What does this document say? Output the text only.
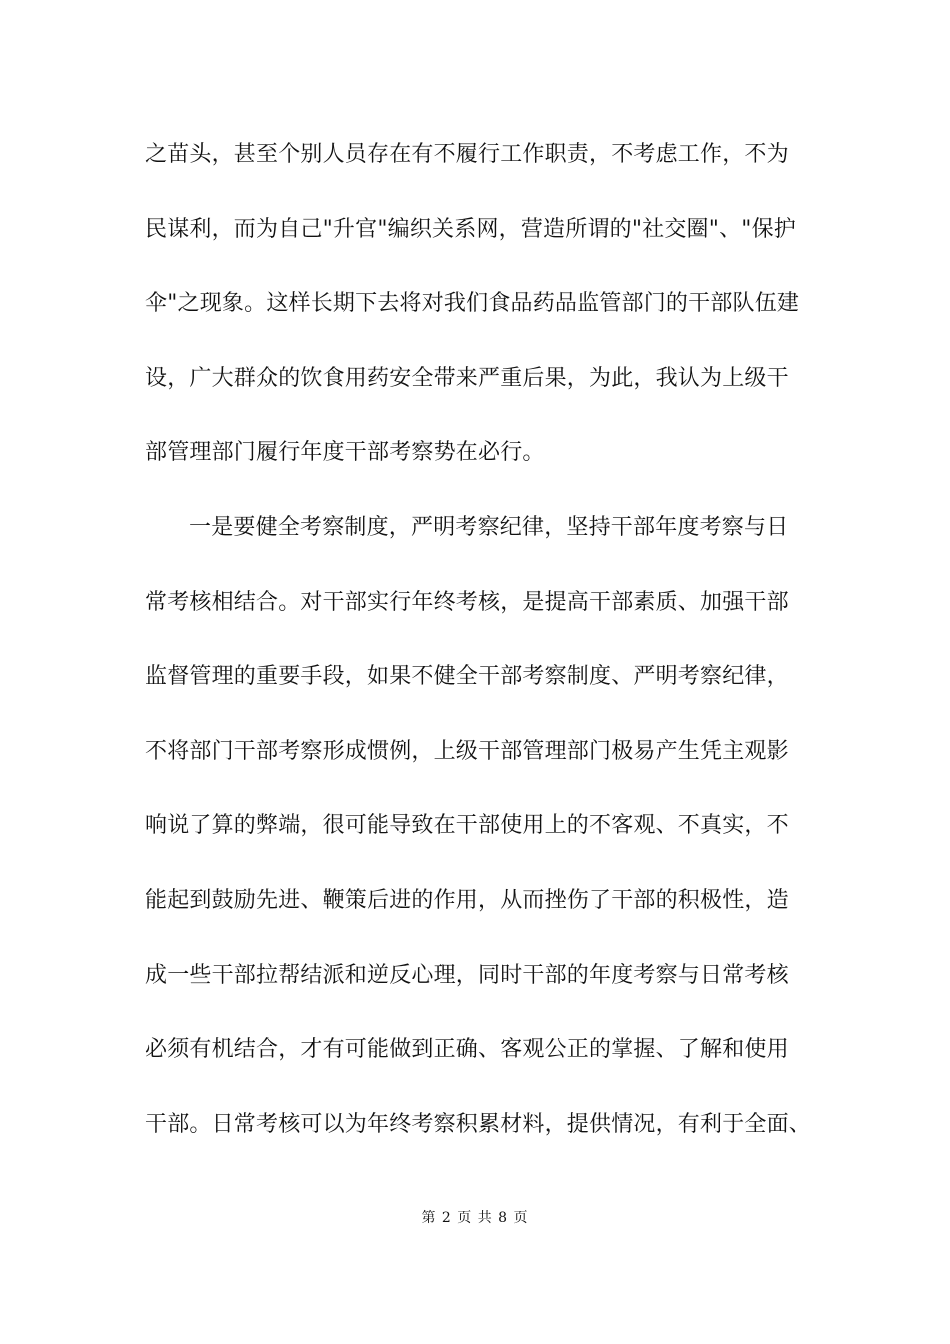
之苗头，甚至个别人员存在有不履行工作职责，不考虑工作，不为
民谋利，而为自己"升官"编织关系网，营造所谓的"社交圈"、"保护
伞"之现象。这样长期下去将对我们食品药品监管部门的干部队伍建
设，广大群众的饮食用药安全带来严重后果，为此，我认为上级干
部管理部门履行年度干部考察势在必行。
一是要健全考察制度，严明考察纪律，坚持干部年度考察与日
常考核相结合。对干部实行年终考核，是提高干部素质、加强干部
监督管理的重要手段，如果不健全干部考察制度、严明考察纪律，
不将部门干部考察形成惯例，上级干部管理部门极易产生凭主观影
响说了算的弊端，很可能导致在干部使用上的不客观、不真实，不
能起到鼓励先进、鞭策后进的作用，从而挫伤了干部的积极性，造
成一些干部拉帮结派和逆反心理，同时干部的年度考察与日常考核
必须有机结合，才有可能做到正确、客观公正的掌握、了解和使用
干部。日常考核可以为年终考察积累材料，提供情况，有利于全面、
第 2 页 共 8 页
